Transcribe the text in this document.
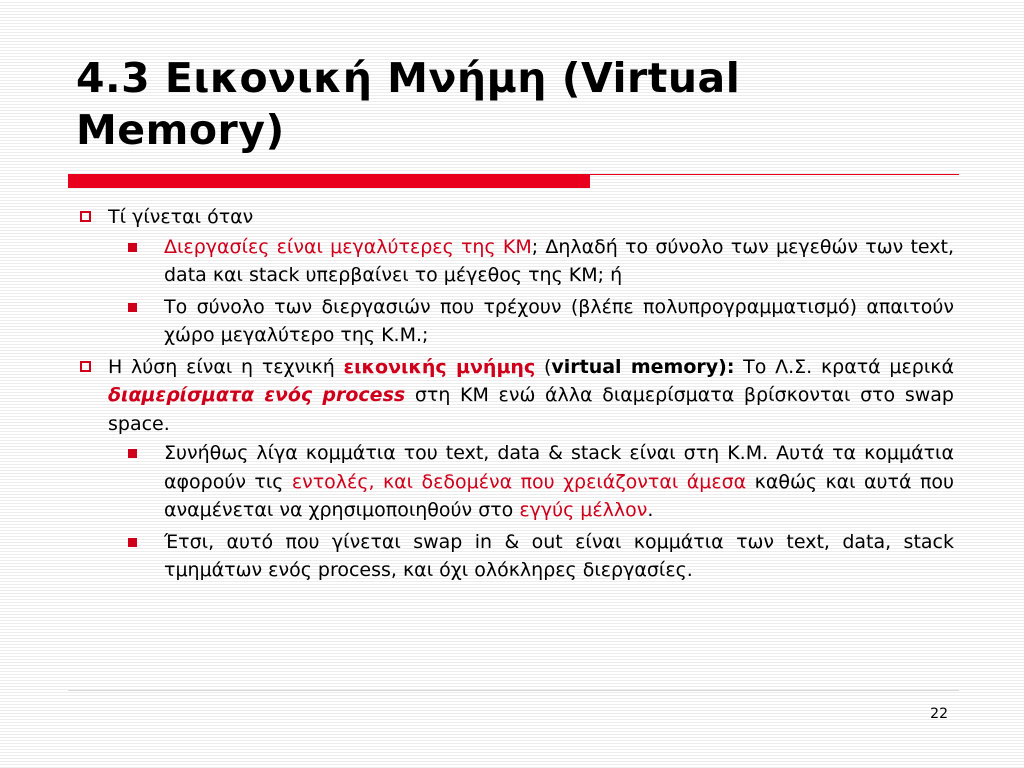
4.3 Εικονική Μνήμη (Virtual Memory)
Τί γίνεται όταν
Διεργασίες είναι μεγαλύτερες της ΚΜ; Δηλαδή το σύνολο των μεγεθών των text, data και stack υπερβαίνει το μέγεθος της ΚΜ; ή
Το σύνολο των διεργασιών που τρέχουν (βλέπε πολυπρογραμματισμό) απαιτούν χώρο μεγαλύτερο της Κ.Μ.;
Η λύση είναι η τεχνική εικονικής μνήμης (virtual memory): Το Λ.Σ. κρατά μερικά διαμερίσματα ενός process στη ΚΜ ενώ άλλα διαμερίσματα βρίσκονται στο swap space.
Συνήθως λίγα κομμάτια του text, data & stack είναι στη Κ.Μ. Αυτά τα κομμάτια αφορούν τις εντολές, και δεδομένα που χρειάζονται άμεσα καθώς και αυτά που αναμένεται να χρησιμοποιηθούν στο εγγύς μέλλον.
Έτσι, αυτό που γίνεται swap in & out είναι κομμάτια των text, data, stack τμημάτων ενός process, και όχι ολόκληρες διεργασίες.
22
